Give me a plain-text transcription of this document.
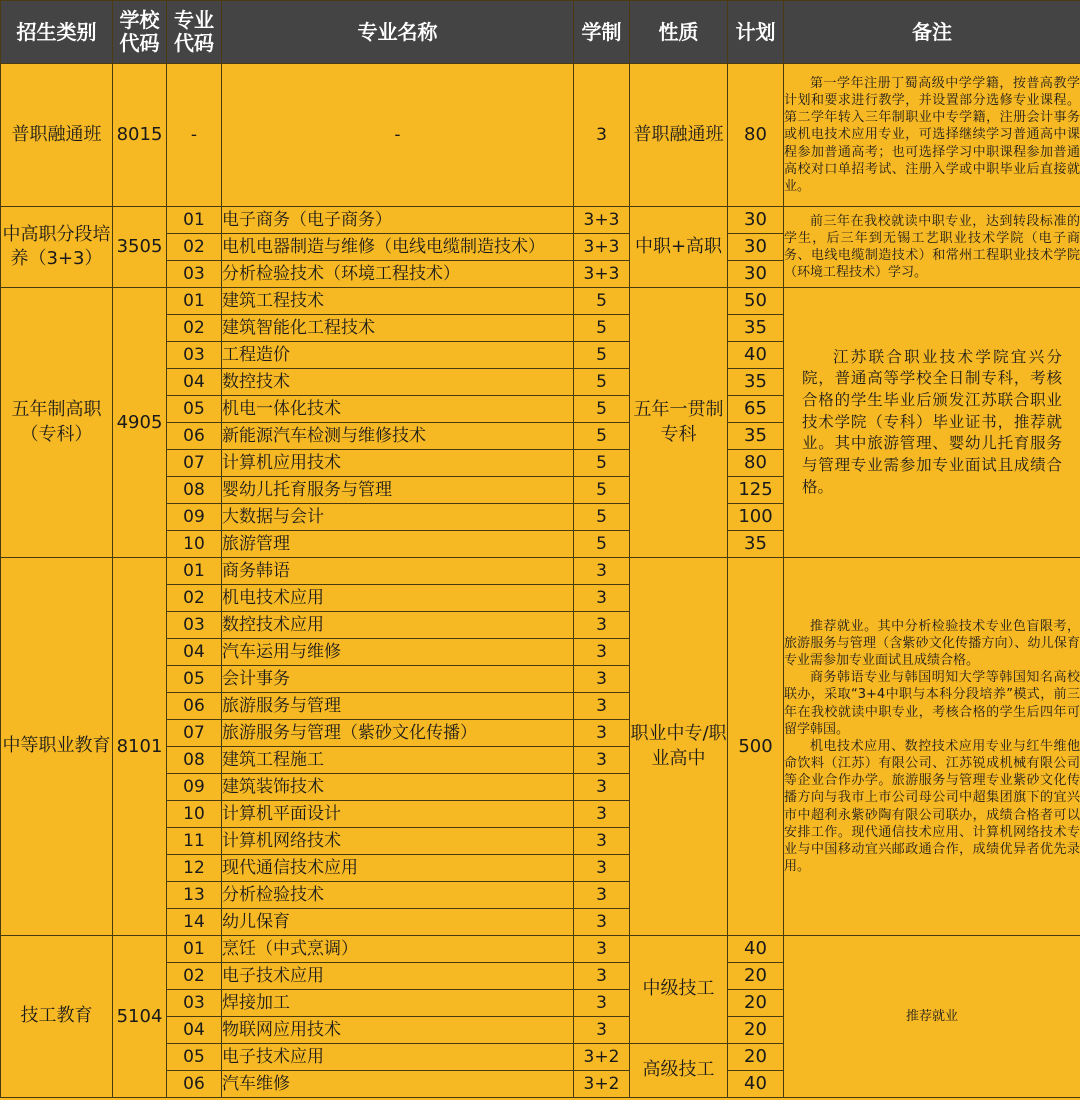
招生类别	学校代码	专业代码	专业名称	学制	性质	计划	备注
普职融通班	8015	-	-	3	普职融通班	80	第一学年注册丁蜀高级中学学籍，按普高教学计划和要求进行教学，并设置部分选修专业课程。第二学年转入三年制职业中专学籍，注册会计事务或机电技术应用专业，可选择继续学习普通高中课程参加普通高考；也可选择学习中职课程参加普通高校对口单招考试、注册入学或中职毕业后直接就业。

中高职分段培养（3+3）	3505	01	电子商务（电子商务）	3+3	中职+高职	30	前三年在我校就读中职专业，达到转段标准的学生，后三年到无锡工艺职业技术学院（电子商务、电线电缆制造技术）和常州工程职业技术学院（环境工程技术）学习。

		02	电机电器制造与维修（电线电缆制造技术）	3+3		30	
		03	分析检验技术（环境工程技术）	3+3		30	
五年制高职（专科）	4905	01	建筑工程技术	5	五年一贯制专科	50	江苏联合职业技术学院宜兴分院，普通高等学校全日制专科，考核合格的学生毕业后颁发江苏联合职业技术学院（专科）毕业证书，推荐就业。其中旅游管理、婴幼儿托育服务与管理专业需参加专业面试且成绩合格。

		02	建筑智能化工程技术	5		35	
		03	工程造价	5		40	
		04	数控技术	5		35	
		05	机电一体化技术	5		65	
		06	新能源汽车检测与维修技术	5		35	
		07	计算机应用技术	5		80	
		08	婴幼儿托育服务与管理	5		125	
		09	大数据与会计	5		100	
		10	旅游管理	5		35	
中等职业教育	8101	01	商务韩语	3	职业中专/职业高中	500	推荐就业。其中分析检验技术专业色盲限考，旅游服务与管理（含紫砂文化传播方向）、幼儿保育专业需参加专业面试且成绩合格。
商务韩语专业与韩国明知大学等韩国知名高校联办，采取“3+4中职与本科分段培养”模式，前三年在我校就读中职专业，考核合格的学生后四年可留学韩国。
机电技术应用、数控技术应用专业与红牛维他命饮料（江苏）有限公司、江苏锐成机械有限公司等企业合作办学。旅游服务与管理专业紫砂文化传播方向与我市上市公司母公司中超集团旗下的宜兴市中超利永紫砂陶有限公司联办，成绩合格者可以安排工作。现代通信技术应用、计算机网络技术专业与中国移动宜兴邮政通合作，成绩优异者优先录用。

		02	机电技术应用	3			
		03	数控技术应用	3			
		04	汽车运用与维修	3			
		05	会计事务	3			
		06	旅游服务与管理	3			
		07	旅游服务与管理（紫砂文化传播）	3			
		08	建筑工程施工	3			
		09	建筑装饰技术	3			
		10	计算机平面设计	3			
		11	计算机网络技术	3			
		12	现代通信技术应用	3			
		13	分析检验技术	3			
		14	幼儿保育	3			
技工教育	5104	01	烹饪（中式烹调）	3	中级技工	40	推荐就业
		02	电子技术应用	3		20	
		03	焊接加工	3		20	
		04	物联网应用技术	3		20	
		05	电子技术应用	3+2	高级技工	20	
		06	汽车维修	3+2		40	
